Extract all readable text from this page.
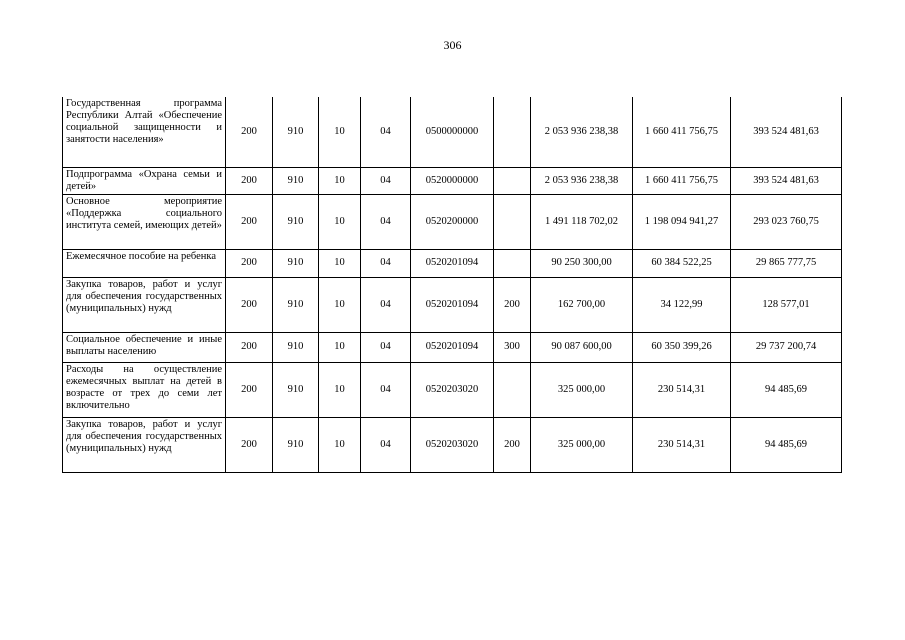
306
Государственная программа Республики Алтай «Обеспечение социальной защищенности и занятости населения»	200	910	10	04	0500000000		2 053 936 238,38	1 660 411 756,75	393 524 481,63
Подпрограмма «Охрана семьи и детей»	200	910	10	04	0520000000		2 053 936 238,38	1 660 411 756,75	393 524 481,63
Основное мероприятие «Поддержка социального института семей, имеющих детей»	200	910	10	04	0520200000		1 491 118 702,02	1 198 094 941,27	293 023 760,75
Ежемесячное пособие на ребенка	200	910	10	04	0520201094		90 250 300,00	60 384 522,25	29 865 777,75
Закупка товаров, работ и услуг для обеспечения государственных (муниципальных) нужд	200	910	10	04	0520201094	200	162 700,00	34 122,99	128 577,01
Социальное обеспечение и иные выплаты населению	200	910	10	04	0520201094	300	90 087 600,00	60 350 399,26	29 737 200,74
Расходы на осуществление ежемесячных выплат на детей в возрасте от трех до семи лет включительно	200	910	10	04	0520203020		325 000,00	230 514,31	94 485,69
Закупка товаров, работ и услуг для обеспечения государственных (муниципальных) нужд	200	910	10	04	0520203020	200	325 000,00	230 514,31	94 485,69
